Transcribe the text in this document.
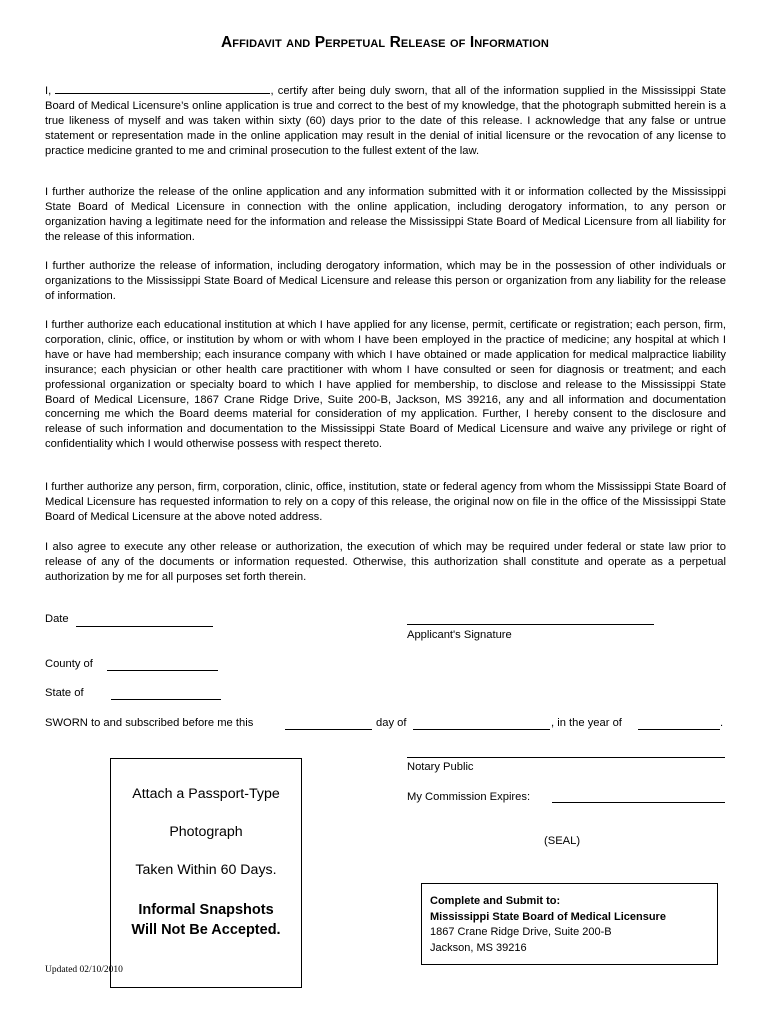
Affidavit and Perpetual Release of Information

I,	, certify after being duly sworn, that all of the information supplied in the Mississippi State Board of Medical Licensure’s online application is true and correct to the best of my knowledge, that the photograph submitted herein is a true likeness of myself and was taken within sixty (60) days prior to the date of this release. I acknowledge that any false or untrue statement or representation made in the online application may result in the denial of initial licensure or the revocation of any license to practice medicine granted to me and criminal prosecution to the fullest extent of the law.

I further authorize the release of the online application and any information submitted with it or information collected by the Mississippi State Board of Medical Licensure in connection with the online application, including derogatory information, to any person or organization having a legitimate need for the information and release the Mississippi State Board of Medical Licensure from all liability for the release of this information.

I further authorize the release of information, including derogatory information, which may be in the possession of other individuals or organizations to the Mississippi State Board of Medical Licensure and release this person or organization from any liability for the release of information.

I further authorize each educational institution at which I have applied for any license, permit, certificate or registration; each person, firm, corporation, clinic, office, or institution by whom or with whom I have been employed in the practice of medicine; any hospital at which I have or have had membership; each insurance company with which I have obtained or made application for medical malpractice liability insurance; each physician or other health care practitioner with whom I have consulted or seen for diagnosis or treatment; and each professional organization or specialty board to which I have applied for membership, to disclose and release to the Mississippi State Board of Medical Licensure, 1867 Crane Ridge Drive, Suite 200-B, Jackson, MS 39216, any and all information and documentation concerning me which the Board deems material for consideration of my application. Further, I hereby consent to the disclosure and release of such information and documentation to the Mississippi State Board of Medical Licensure and waive any privilege or right of confidentiality which I would otherwise possess with respect thereto.

I further authorize any person, firm, corporation, clinic, office, institution, state or federal agency from whom the Mississippi State Board of Medical Licensure has requested information to rely on a copy of this release, the original now on file in the office of the Mississippi State Board of Medical Licensure at the above noted address.

I also agree to execute any other release or authorization, the execution of which may be required under federal or state law prior to release of any of the documents or information requested. Otherwise, this authorization shall constitute and operate as a perpetual authorization by me for all purposes set forth therein.

Date
Applicant's Signature
County of
State of
SWORN to and subscribed before me this	day of	, in the year of	.
Notary Public
My Commission Expires:
(SEAL)
Attach a Passport-Type
Photograph
Taken Within 60 Days.
Informal Snapshots
Will Not Be Accepted.
Complete and Submit to:
Mississippi State Board of Medical Licensure
1867 Crane Ridge Drive, Suite 200-B
Jackson, MS 39216
Updated 02/10/2010
